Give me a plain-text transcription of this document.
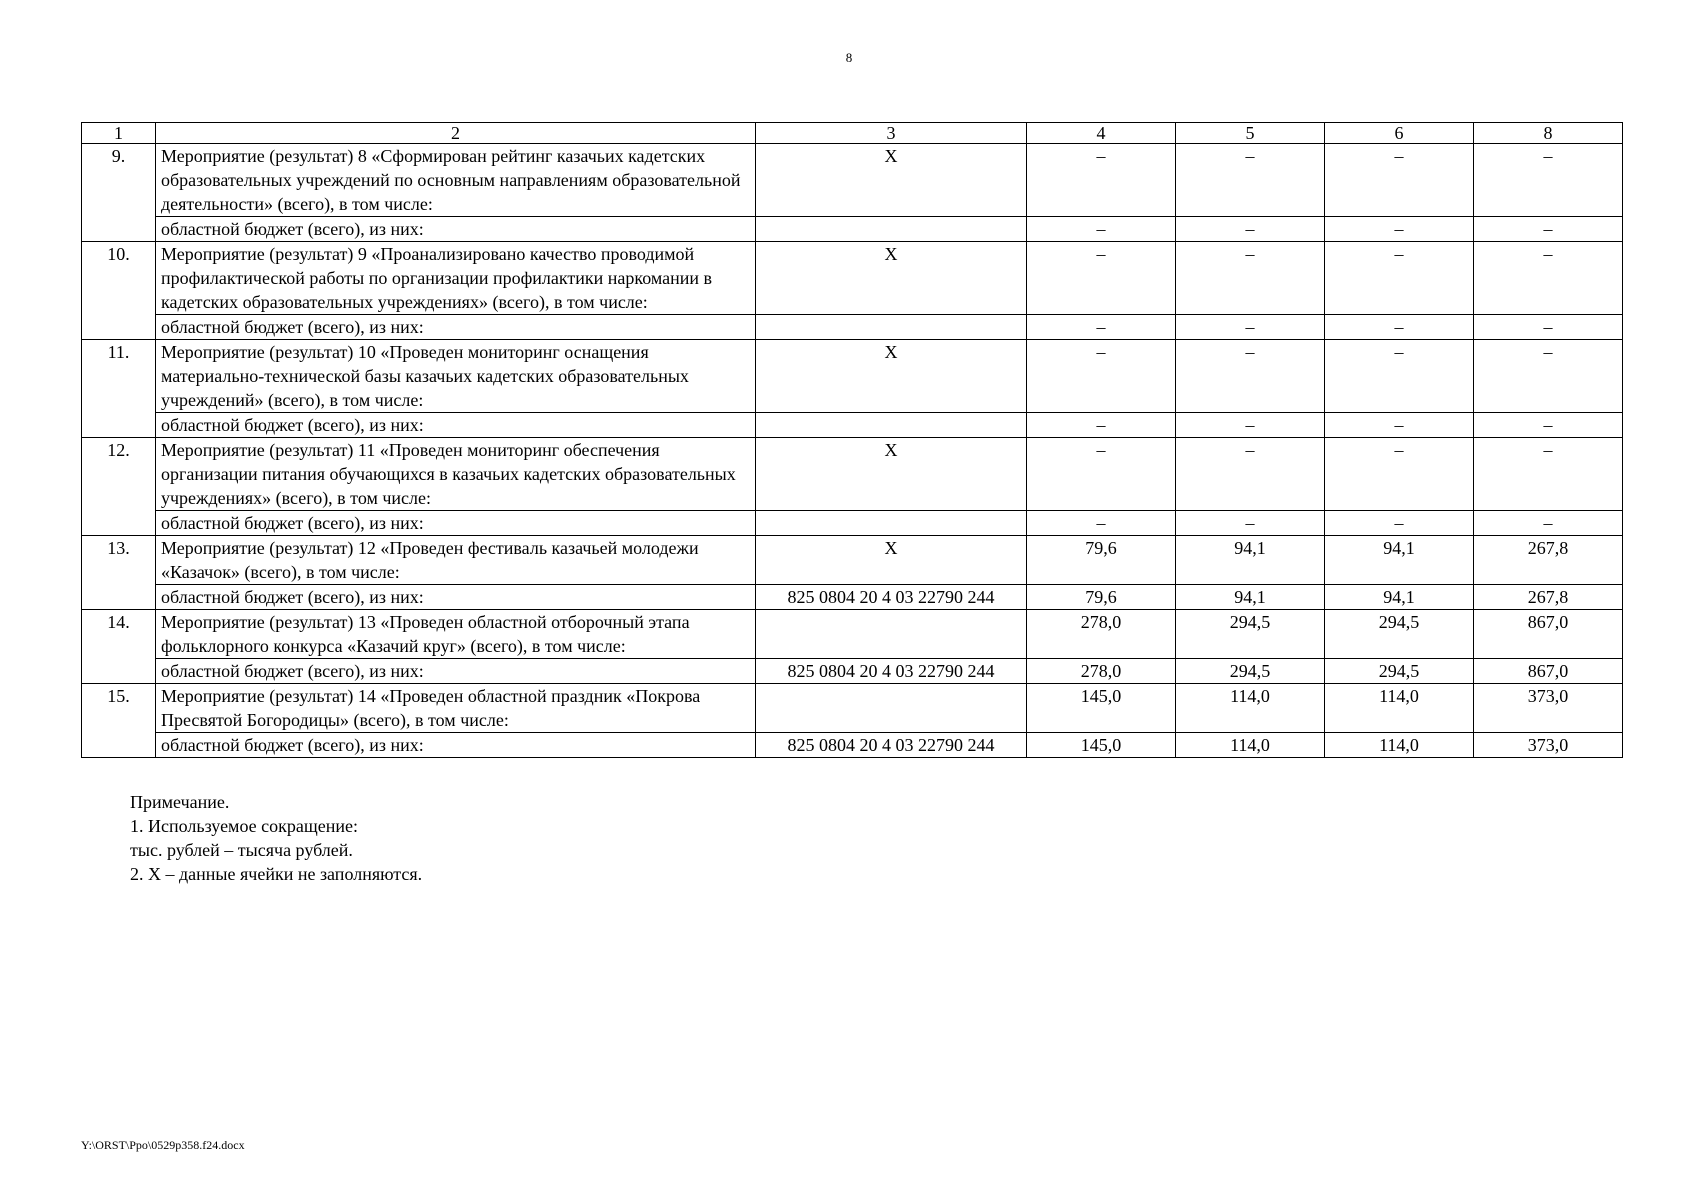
8
1	2	3	4	5	6	8
9.	Мероприятие (результат) 8 «Сформирован рейтинг казачьих кадетских образовательных учреждений по основным направлениям образовательной деятельности» (всего), в том числе:	Х	–	–	–	–
	областной бюджет (всего), из них:		–	–	–	–
10.	Мероприятие (результат) 9 «Проанализировано качество проводимой профилактической работы по организации профилактики наркомании в кадетских образовательных учреждениях» (всего), в том числе:	Х	–	–	–	–
	областной бюджет (всего), из них:		–	–	–	–
11.	Мероприятие (результат) 10 «Проведен мониторинг оснащения материально-технической базы казачьих кадетских образовательных учреждений» (всего), в том числе:	Х	–	–	–	–
	областной бюджет (всего), из них:		–	–	–	–
12.	Мероприятие (результат) 11 «Проведен мониторинг обеспечения организации питания обучающихся в казачьих кадетских образовательных учреждениях» (всего), в том числе:	Х	–	–	–	–
	областной бюджет (всего), из них:		–	–	–	–
13.	Мероприятие (результат) 12 «Проведен фестиваль казачьей молодежи «Казачок» (всего), в том числе:	Х	79,6	94,1	94,1	267,8
	областной бюджет (всего), из них:	825 0804 20 4 03 22790 244	79,6	94,1	94,1	267,8
14.	Мероприятие (результат) 13 «Проведен областной отборочный этапа фольклорного конкурса «Казачий круг» (всего), в том числе:		278,0	294,5	294,5	867,0
	областной бюджет (всего), из них:	825 0804 20 4 03 22790 244	278,0	294,5	294,5	867,0
15.	Мероприятие (результат) 14 «Проведен областной праздник «Покрова Пресвятой Богородицы» (всего), в том числе:		145,0	114,0	114,0	373,0
	областной бюджет (всего), из них:	825 0804 20 4 03 22790 244	145,0	114,0	114,0	373,0
Примечание.
1. Используемое сокращение:
тыс. рублей – тысяча рублей.
2. Х – данные ячейки не заполняются.
Y:\ORST\Ppo\0529p358.f24.docx
